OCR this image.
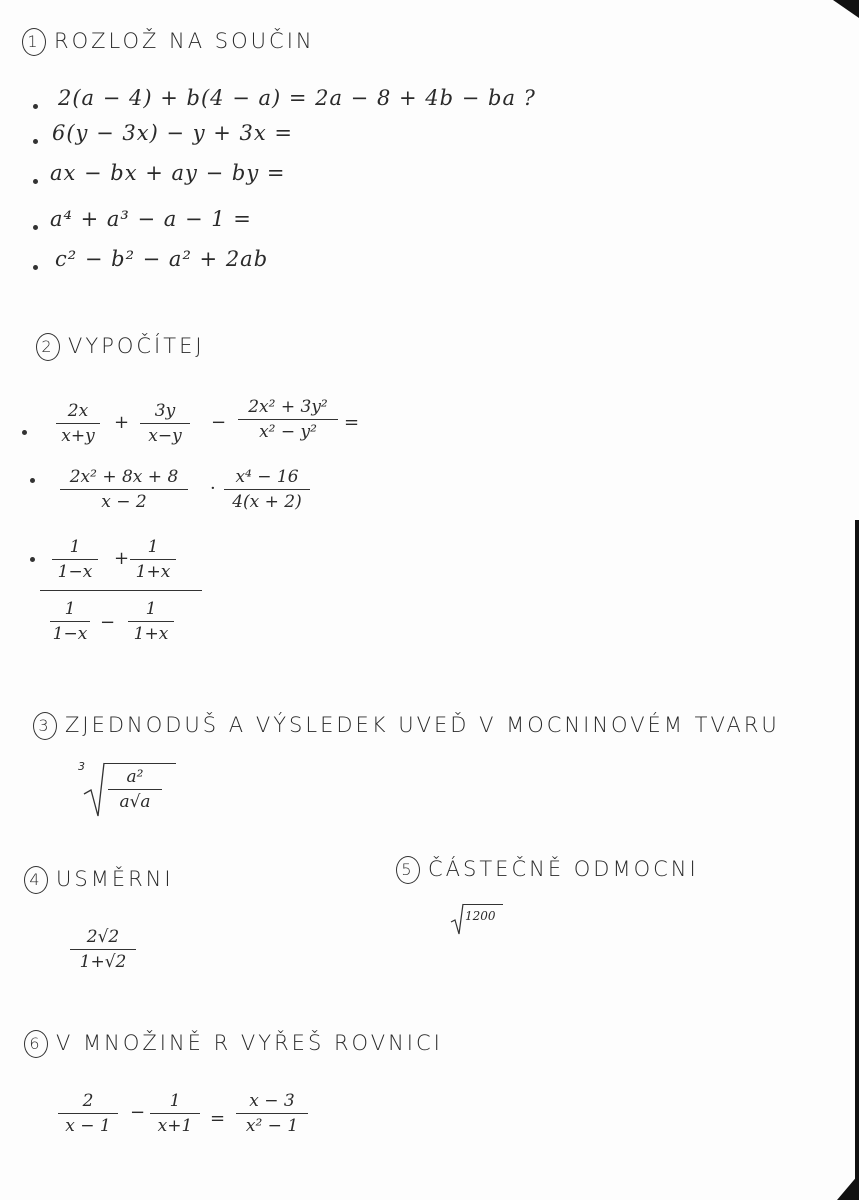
1 ROZLOŽ NA SOUČIN
2(a − 4) + b(4 − a) = 2a − 8 + 4b − ba ?
6(y − 3x) − y + 3x =
ax − bx + ay − by =
a⁴ + a³ − a − 1 =
c² − b² − a² + 2ab
2 VYPOČÍTEJ
2x
x+y
+
3y
x−y
−
2x² + 3y²
x² − y²	=
2x² + 8x + 8
x − 2
·
x⁴ − 16
4(x + 2)
1
1−x
+
1
1+x
1
1−x
−
1
1+x
3 ZJEDNODUŠ A VÝSLEDEK UVEĎ V MOCNINOVÉM TVARU
3
a²
a√a
4 USMĚRNI
2√2
1+√2
5 ČÁSTEČNĚ ODMOCNI
1200
6 V MNOŽINĚ R VYŘEŠ ROVNICI
2
x − 1
−
1
x+1 =
x − 3
x² − 1
